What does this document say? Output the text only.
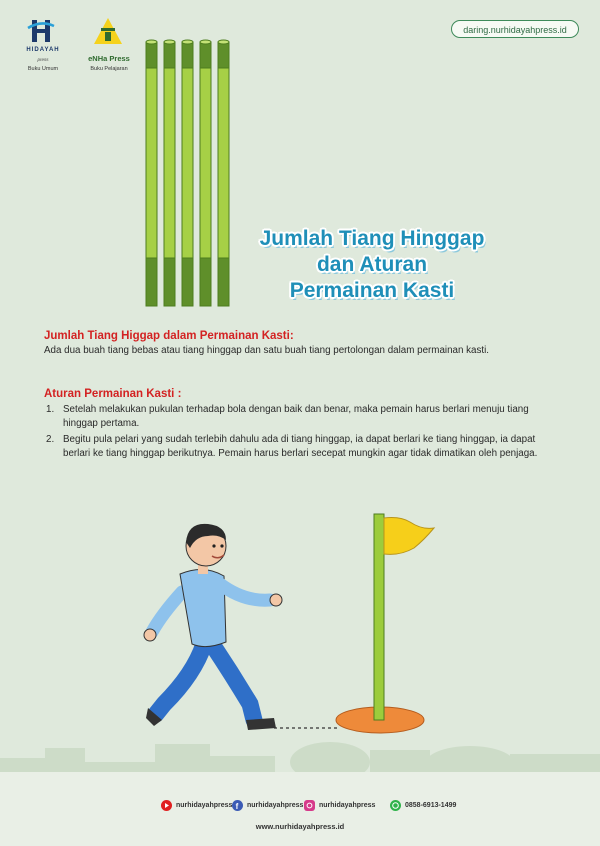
HIDAYAH
press
Buku Umum
eNHa Press
Buku Pelajaran
daring.nurhidayahpress.id
Jumlah Tiang Hinggap
dan Aturan
Permainan Kasti
Jumlah Tiang Higgap dalam Permainan Kasti:
Ada dua buah tiang bebas atau tiang hinggap dan satu buah tiang pertolongan dalam permainan kasti.
Aturan Permainan Kasti :
1. Setelah melakukan pukulan terhadap bola dengan baik dan benar, maka pemain harus berlari menuju tiang hinggap pertama.
2. Begitu pula pelari yang sudah terlebih dahulu ada di tiang hinggap, ia dapat berlari ke tiang hinggap, ia dapat berlari ke tiang hinggap berikutnya. Pemain harus berlari secepat mungkin agar tidak dimatikan oleh penjaga.
nurhidayahpress f nurhidayahpress nurhidayahpress	0858-6913-1499
www.nurhidayahpress.id
